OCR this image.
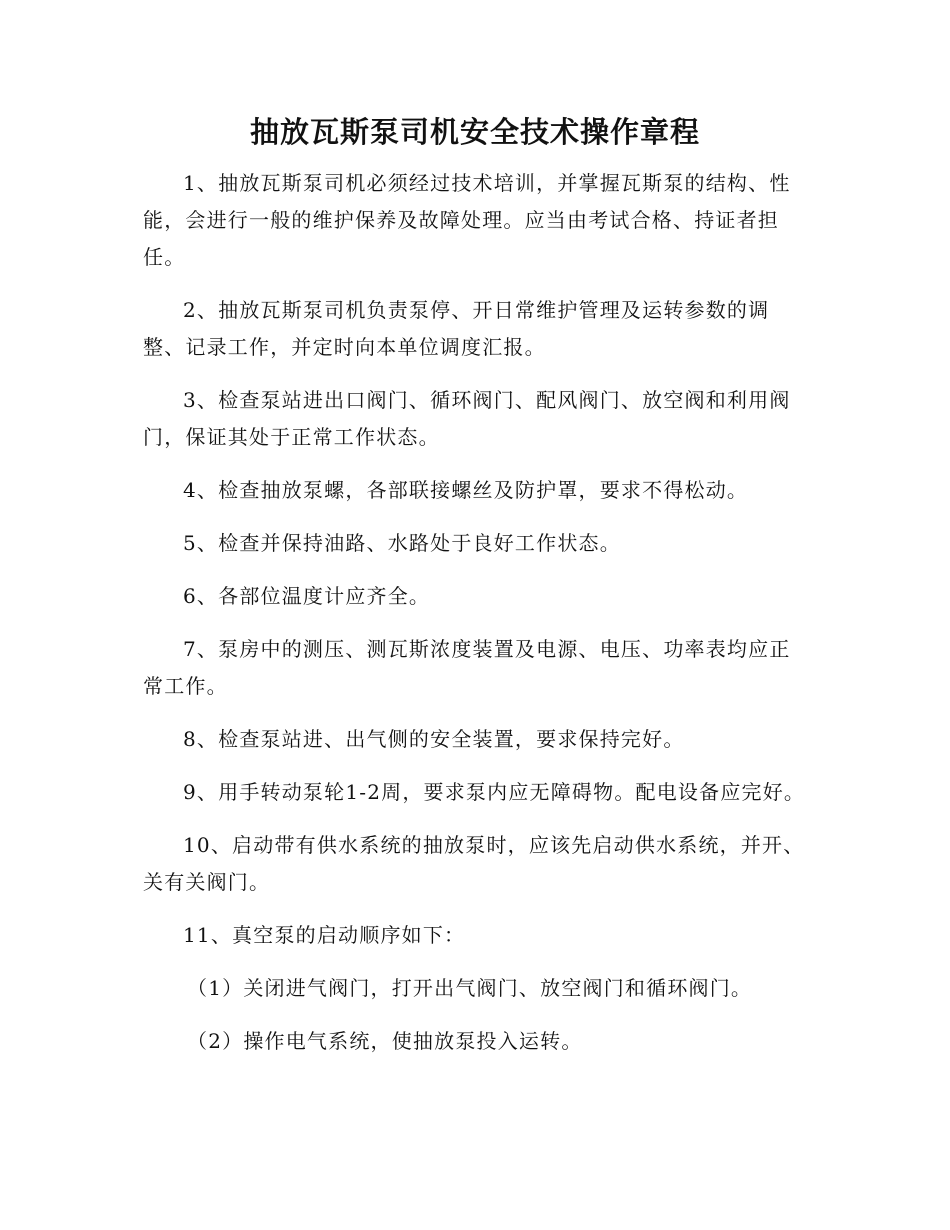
抽放瓦斯泵司机安全技术操作章程

1、抽放瓦斯泵司机必须经过技术培训，并掌握瓦斯泵的结构、性能，会进行一般的维护保养及故障处理。应当由考试合格、持证者担任。

2、抽放瓦斯泵司机负责泵停、开日常维护管理及运转参数的调整、记录工作，并定时向本单位调度汇报。

3、检查泵站进出口阀门、循环阀门、配风阀门、放空阀和利用阀门，保证其处于正常工作状态。

4、检查抽放泵螺，各部联接螺丝及防护罩，要求不得松动。

5、检查并保持油路、水路处于良好工作状态。

6、各部位温度计应齐全。

7、泵房中的测压、测瓦斯浓度装置及电源、电压、功率表均应正常工作。

8、检查泵站进、出气侧的安全装置，要求保持完好。

9、用手转动泵轮1-2周，要求泵内应无障碍物。配电设备应完好。

10、启动带有供水系统的抽放泵时，应该先启动供水系统，并开、关有关阀门。

11、真空泵的启动顺序如下：

（1）关闭进气阀门，打开出气阀门、放空阀门和循环阀门。

（2）操作电气系统，使抽放泵投入运转。
